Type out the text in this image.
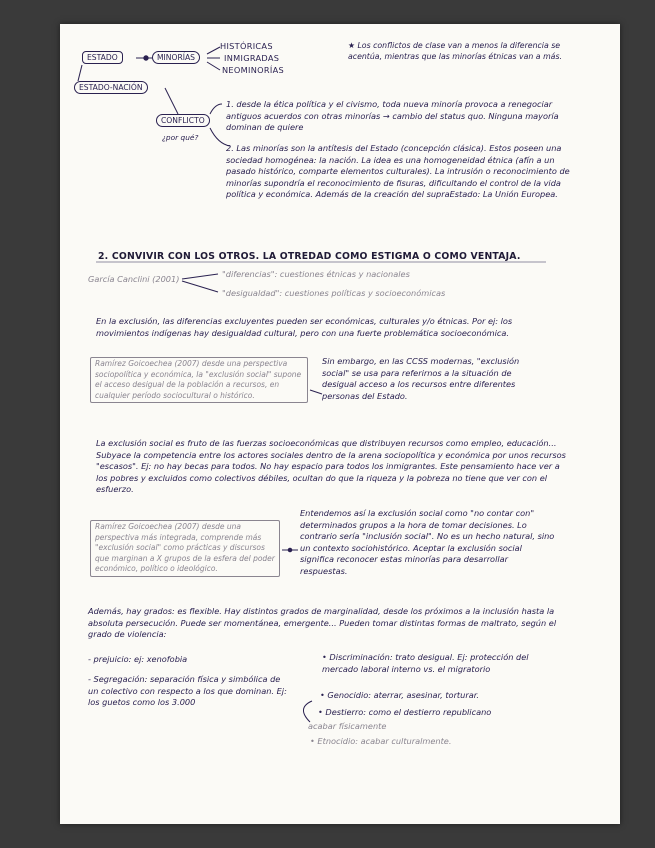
ESTADO	MINORÍAS
HISTÓRICAS
INMIGRADAS
NEOMINORÍAS
ESTADO-NACIÓN
CONFLICTO
¿por qué?

★ Los conflictos de clase van a menos la diferencia se acentúa, mientras que las minorías étnicas van a más.

1. desde la ética política y el civismo, toda nueva minoría provoca a renegociar antiguos acuerdos con otras minorías → cambio del status quo. Ninguna mayoría dominan de quiere

2. Las minorías son la antítesis del Estado (concepción clásica). Estos poseen una sociedad homogénea: la nación. La idea es una homogeneidad étnica (afín a un pasado histórico, comparte elementos culturales). La intrusión o reconocimiento de minorías supondría el reconocimiento de fisuras, dificultando el control de la vida política y económica. Además de la creación del supraEstado: La Unión Europea.

2. CONVIVIR CON LOS OTROS. LA OTREDAD COMO ESTIGMA O COMO VENTAJA.
García Canclini (2001)	"diferencias": cuestiones étnicas y nacionales
"desigualdad": cuestiones políticas y socioeconómicas

En la exclusión, las diferencias excluyentes pueden ser económicas, culturales y/o étnicas. Por ej: los movimientos indígenas hay desigualdad cultural, pero con una fuerte problemática socioeconómica.

Ramírez Goicoechea (2007) desde una perspectiva sociopolítica y económica, la "exclusión social" supone el acceso desigual de la población a recursos, en cualquier período sociocultural o histórico.

Sin embargo, en las CCSS modernas, "exclusión social" se usa para referirnos a la situación de desigual acceso a los recursos entre diferentes personas del Estado.

La exclusión social es fruto de las fuerzas socioeconómicas que distribuyen recursos como empleo, educación... Subyace la competencia entre los actores sociales dentro de la arena sociopolítica y económica por unos recursos "escasos". Ej: no hay becas para todos. No hay espacio para todos los inmigrantes. Este pensamiento hace ver a los pobres y excluidos como colectivos débiles, ocultan do que la riqueza y la pobreza no tiene que ver con el esfuerzo.

Ramírez Goicoechea (2007) desde una perspectiva más integrada, comprende más "exclusión social" como prácticas y discursos que marginan a X grupos de la esfera del poder económico, político o ideológico.

Entendemos así la exclusión social como "no contar con" determinados grupos a la hora de tomar decisiones. Lo contrario sería "inclusión social". No es un hecho natural, sino un contexto sociohistórico. Aceptar la exclusión social significa reconocer estas minorías para desarrollar respuestas.

Además, hay grados: es flexible. Hay distintos grados de marginalidad, desde los próximos a la inclusión hasta la absoluta persecución. Puede ser momentánea, emergente... Pueden tomar distintas formas de maltrato, según el grado de violencia:

- prejuicio: ej: xenofobia

- Segregación: separación física y simbólica de un colectivo con respecto a los que dominan. Ej: los guetos como los 3.000

• Discriminación: trato desigual. Ej: protección del mercado laboral interno vs. el migratorio

• Genocidio: aterrar, asesinar, torturar.
• Destierro: como el destierro republicano
acabar físicamente
• Etnocidio: acabar culturalmente.
